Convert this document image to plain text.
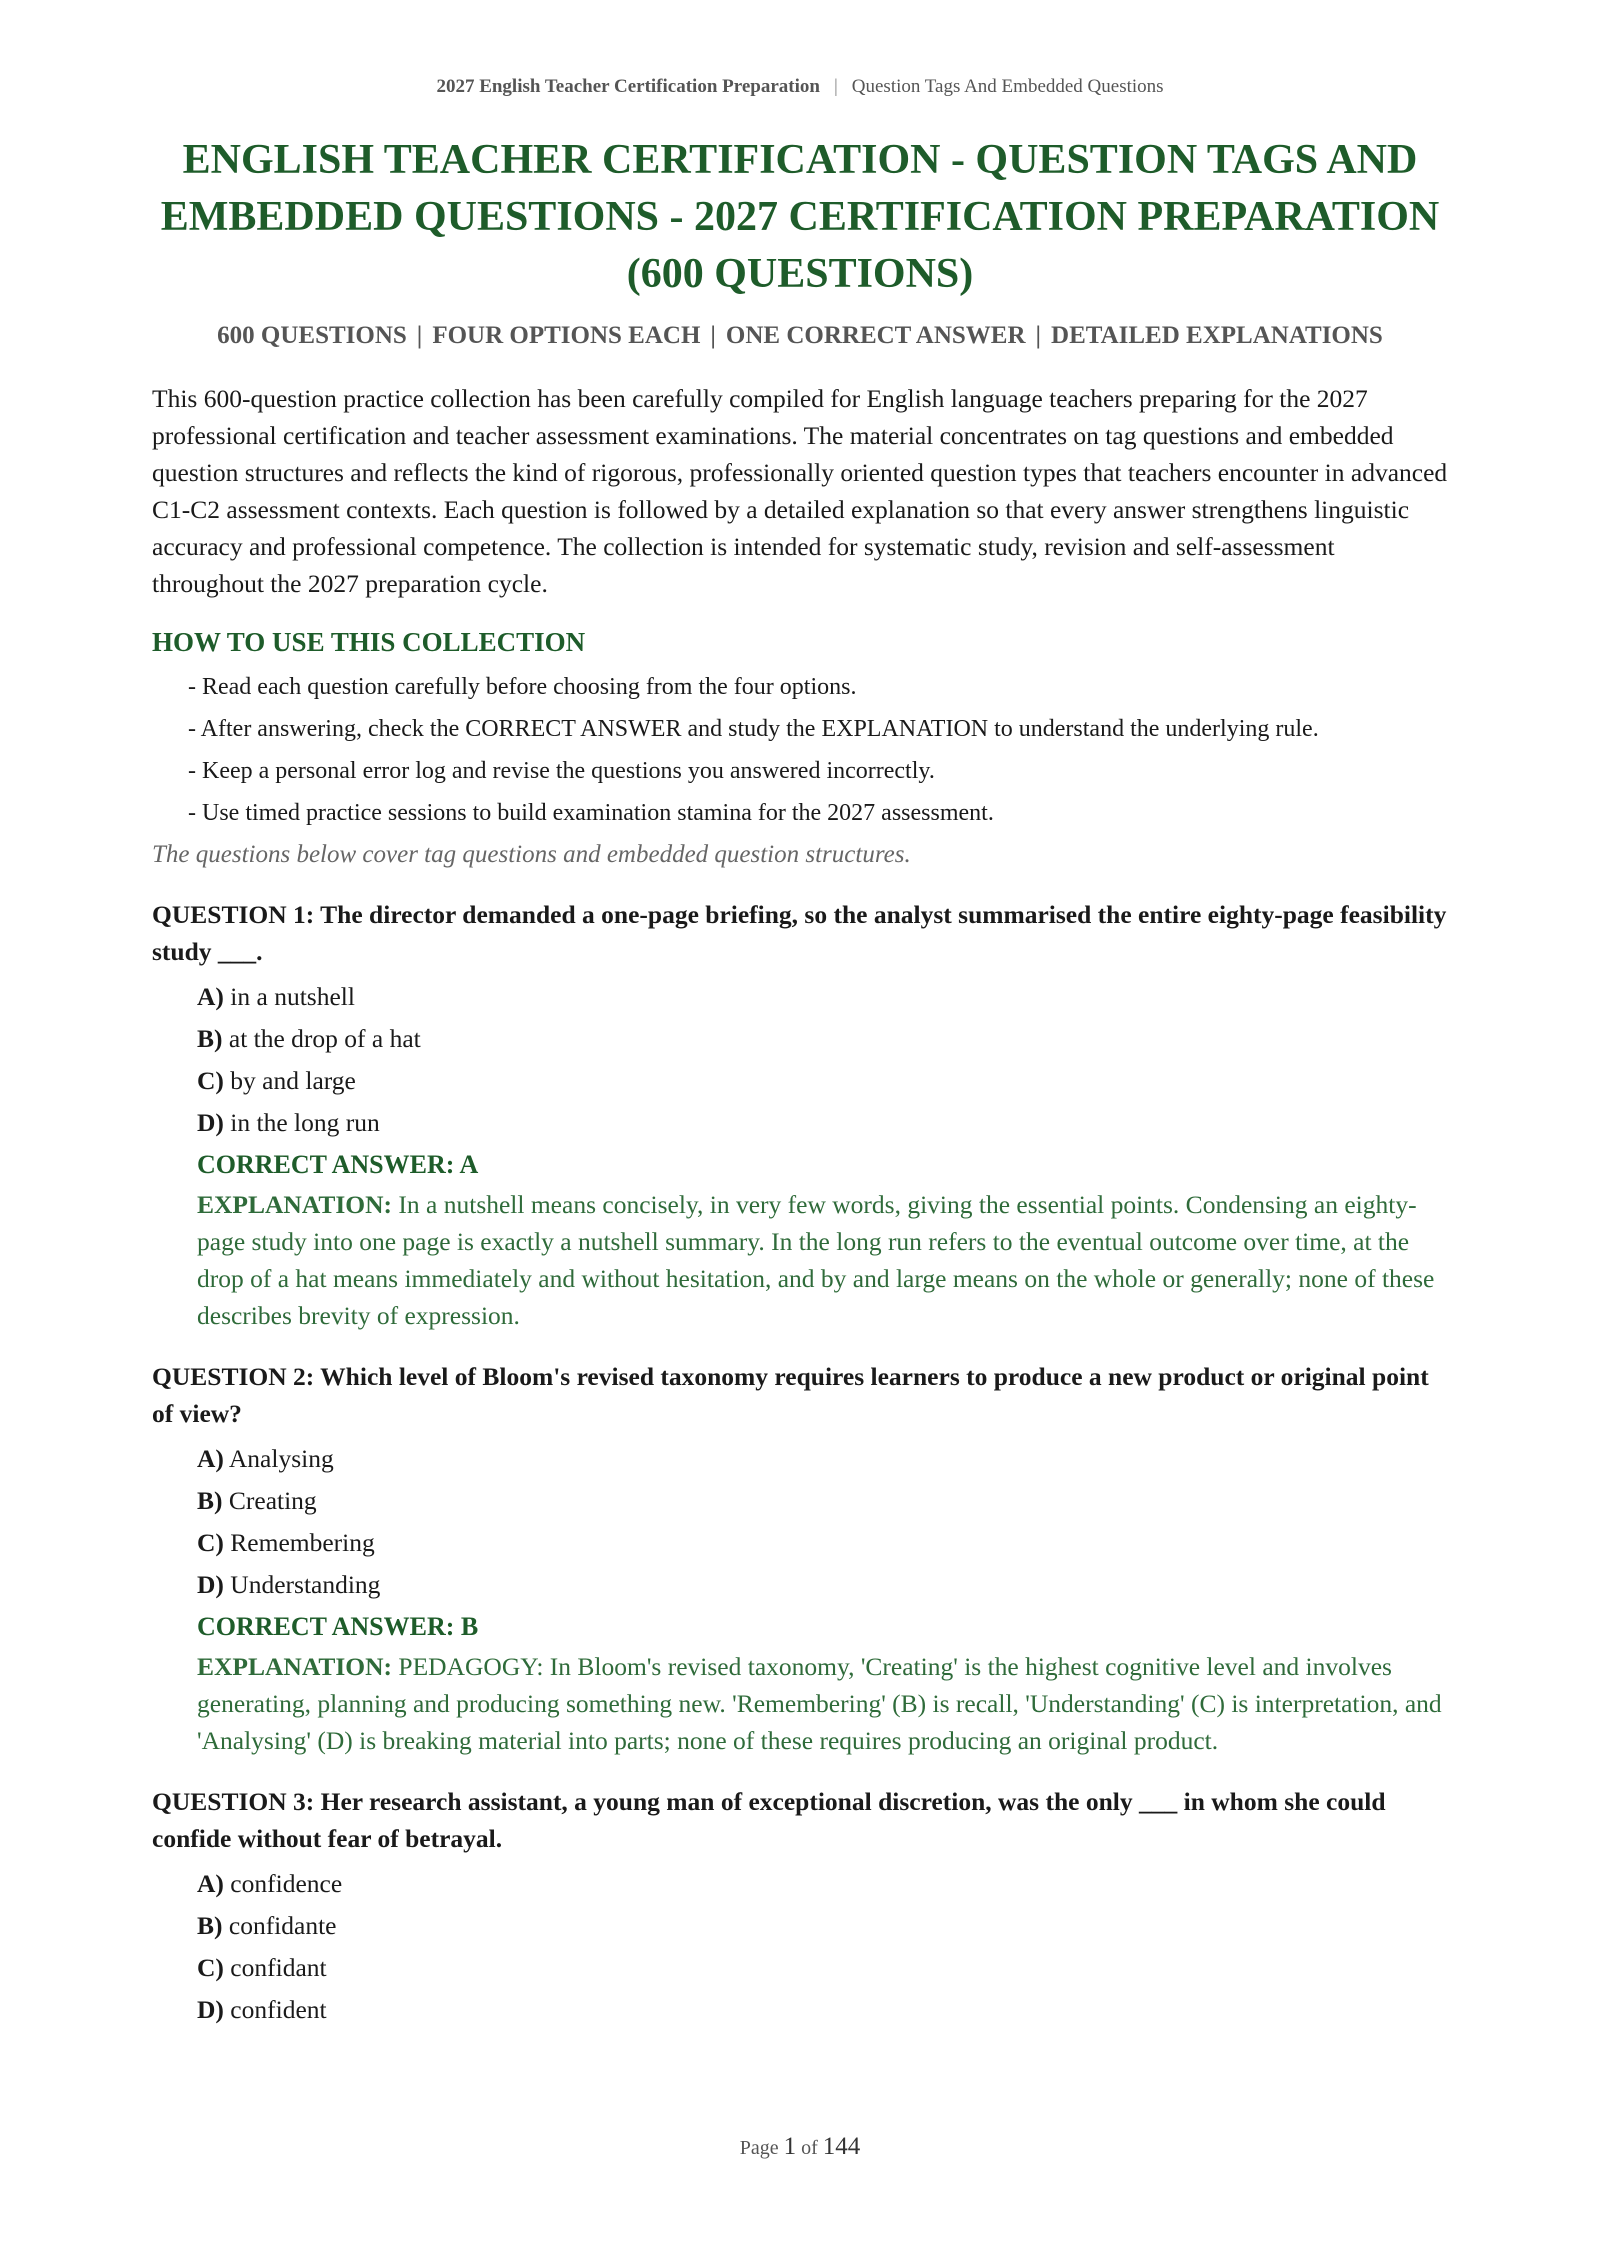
2027 English Teacher Certification Preparation | Question Tags And Embedded Questions
ENGLISH TEACHER CERTIFICATION - QUESTION TAGS AND EMBEDDED QUESTIONS - 2027 CERTIFICATION PREPARATION (600 QUESTIONS)
600 QUESTIONS | FOUR OPTIONS EACH | ONE CORRECT ANSWER | DETAILED EXPLANATIONS

This 600-question practice collection has been carefully compiled for English language teachers preparing for the 2027 professional certification and teacher assessment examinations. The material concentrates on tag questions and embedded question structures and reflects the kind of rigorous, professionally oriented question types that teachers encounter in advanced C1-C2 assessment contexts. Each question is followed by a detailed explanation so that every answer strengthens linguistic accuracy and professional competence. The collection is intended for systematic study, revision and self-assessment throughout the 2027 preparation cycle.

HOW TO USE THIS COLLECTION
- Read each question carefully before choosing from the four options.
- After answering, check the CORRECT ANSWER and study the EXPLANATION to understand the underlying rule.
- Keep a personal error log and revise the questions you answered incorrectly.
- Use timed practice sessions to build examination stamina for the 2027 assessment.

The questions below cover tag questions and embedded question structures.

QUESTION 1: The director demanded a one-page briefing, so the analyst summarised the entire eighty-page feasibility study ___.

A) in a nutshell
B) at the drop of a hat
C) by and large
D) in the long run

CORRECT ANSWER: A

EXPLANATION: In a nutshell means concisely, in very few words, giving the essential points. Condensing an eighty-page study into one page is exactly a nutshell summary. In the long run refers to the eventual outcome over time, at the drop of a hat means immediately and without hesitation, and by and large means on the whole or generally; none of these describes brevity of expression.

QUESTION 2: Which level of Bloom's revised taxonomy requires learners to produce a new product or original point of view?

A) Analysing
B) Creating
C) Remembering
D) Understanding

CORRECT ANSWER: B

EXPLANATION: PEDAGOGY: In Bloom's revised taxonomy, 'Creating' is the highest cognitive level and involves generating, planning and producing something new. 'Remembering' (B) is recall, 'Understanding' (C) is interpretation, and 'Analysing' (D) is breaking material into parts; none of these requires producing an original product.

QUESTION 3: Her research assistant, a young man of exceptional discretion, was the only ___ in whom she could confide without fear of betrayal.

A) confidence
B) confidante
C) confidant
D) confident
Page 1 of 144
